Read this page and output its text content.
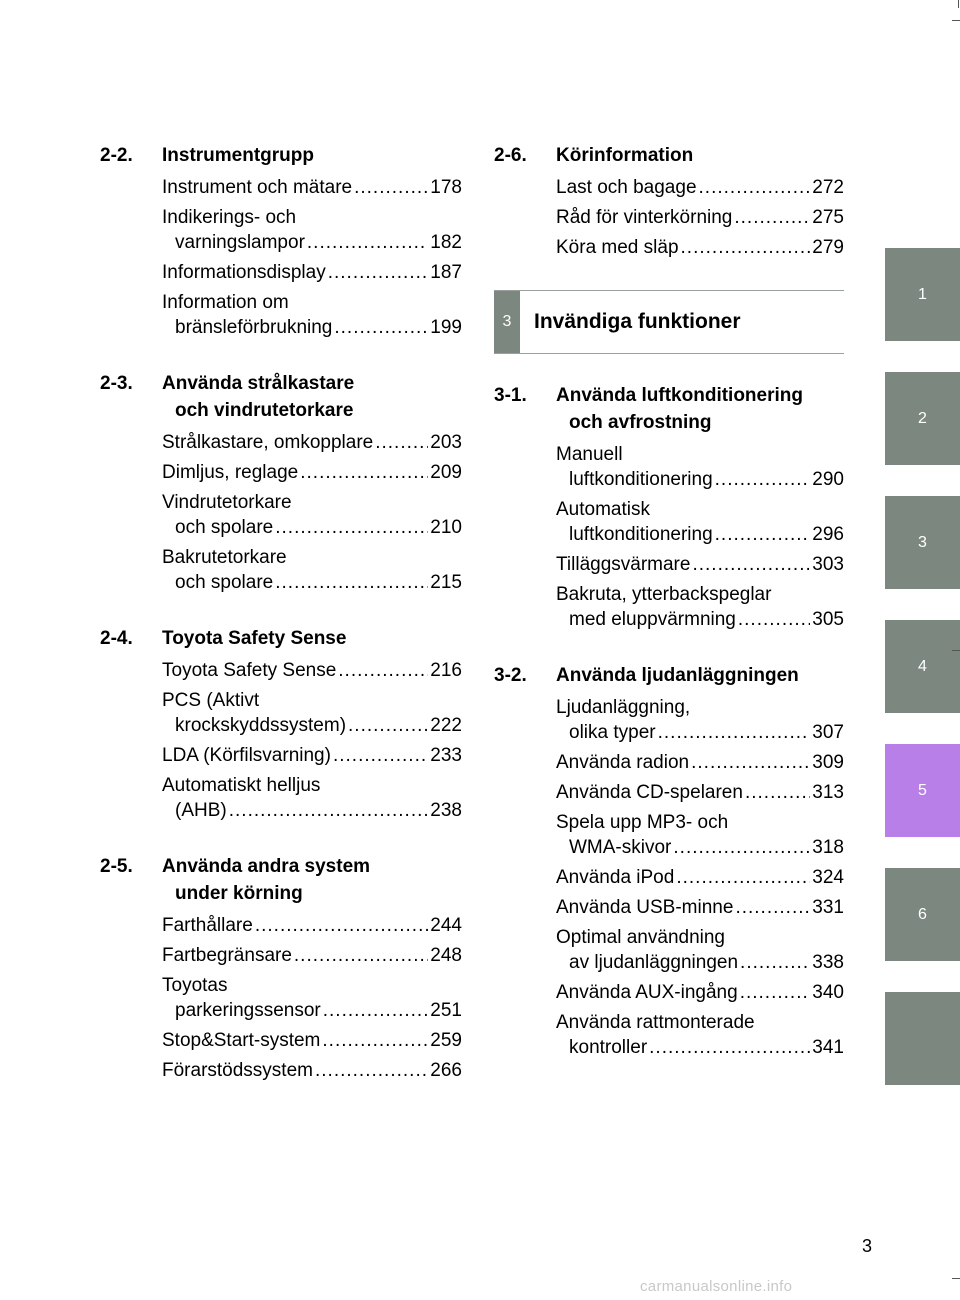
2-2.	Instrumentgrupp
Instrument och mätare .....	178
Indikerings- och
varningslampor .....	182
Informationsdisplay .....	187
Information om
bränsleförbrukning .....	199
2-3.	Använda strålkastare
och vindrutetorkare
Strålkastare, omkopplare .....	203
Dimljus, reglage .....	209
Vindrutetorkare
och spolare .....	210
Bakrutetorkare
och spolare .....	215
2-4.	Toyota Safety Sense
Toyota Safety Sense .....	216
PCS (Aktivt
krockskyddssystem) .....	222
LDA (Körfilsvarning) .....	233
Automatiskt helljus
(AHB) .....	238
2-5.	Använda andra system
under körning
Farthållare .....	244
Fartbegränsare .....	248
Toyotas
parkeringssensor .....	251
Stop&Start-system .....	259
Förarstödssystem .....	266
2-6.	Körinformation
Last och bagage .....	272
Råd för vinterkörning .....	275
Köra med släp .....	279
3	Invändiga funktioner
3-1.	Använda luftkonditionering
och avfrostning
Manuell
luftkonditionering .....	290
Automatisk
luftkonditionering .....	296
Tilläggsvärmare .....	303
Bakruta, ytterbackspeglar
med eluppvärmning .....	305
3-2.	Använda ljudanläggningen
Ljudanläggning,
olika typer .....	307
Använda radion .....	309
Använda CD-spelaren .....	313
Spela upp MP3- och
WMA-skivor .....	318
Använda iPod .....	324
Använda USB-minne .....	331
Optimal användning
av ljudanläggningen .....	338
Använda AUX-ingång .....	340
Använda rattmonterade
kontroller .....	341
1
2
3
4
5
6
3
carmanualsonline.info
